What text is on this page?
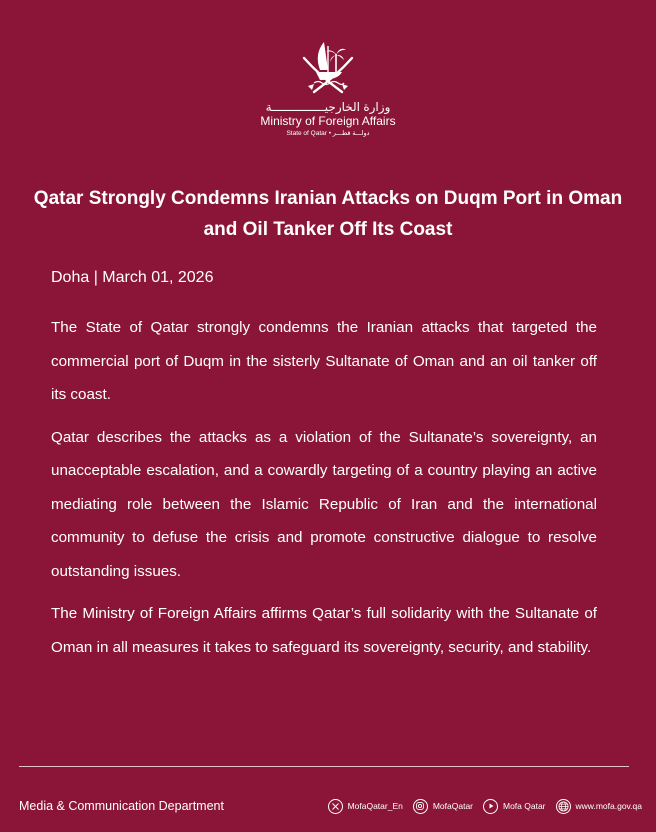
وزارة الخارجيـــــــــــــــة
Ministry of Foreign Affairs
State of Qatar • دولـــة قطـــر
Qatar Strongly Condemns Iranian Attacks on Duqm Port in Oman and Oil Tanker Off Its Coast

Doha | March 01, 2026

The State of Qatar strongly condemns the Iranian attacks that targeted the commercial port of Duqm in the sisterly Sultanate of Oman and an oil tanker off its coast.

Qatar describes the attacks as a violation of the Sultanate’s sovereignty, an unacceptable escalation, and a cowardly targeting of a country playing an active mediating role between the Islamic Republic of Iran and the international community to defuse the crisis and promote constructive dialogue to resolve outstanding issues.

The Ministry of Foreign Affairs affirms Qatar’s full solidarity with the Sultanate of Oman in all measures it takes to safeguard its sovereignty, security, and stability.

Media & Communication Department	MofaQatar_En	MofaQatar	Mofa Qatar	www.mofa.gov.qa
